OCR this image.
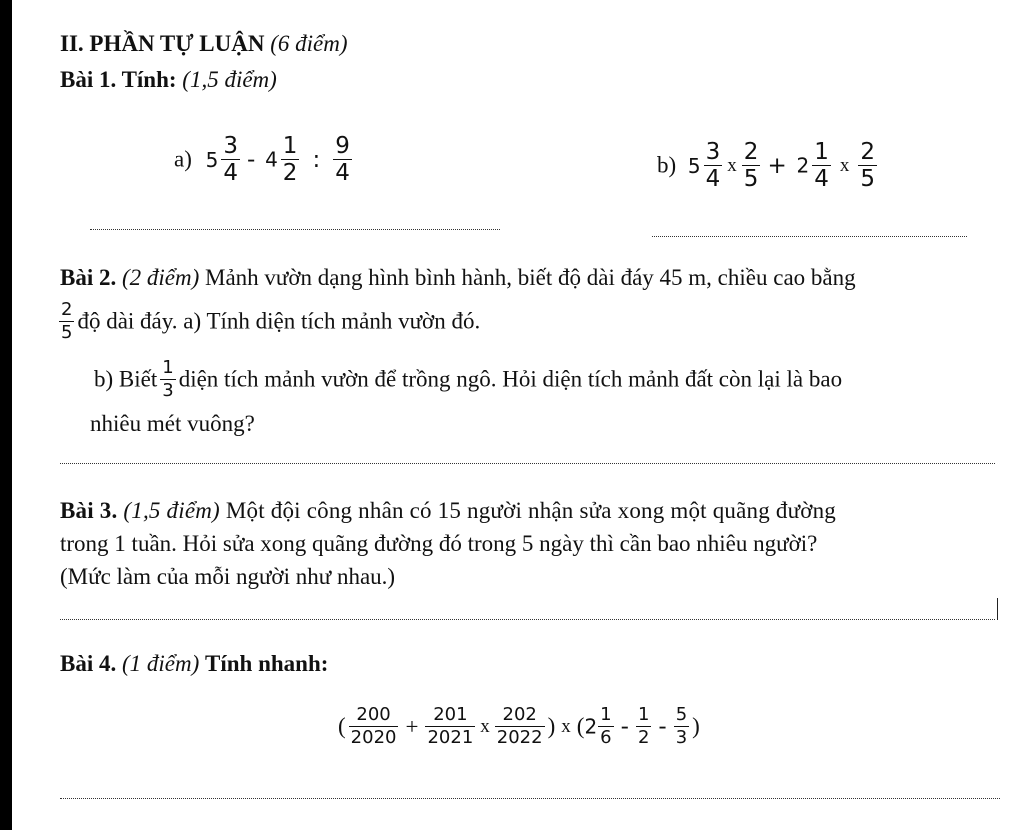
II. PHẦN TỰ LUẬN (6 điểm)
Bài 1. Tính: (1,5 điểm)
a) $5 \frac{3}{4} - 4 \frac{1}{2}$ : $\frac{9}{4}$	b) $5 \frac{3}{4}$ x $\frac{2}{5} + 2 \frac{1}{4}$ x $\frac{2}{5}$
Bài 2. (2 điểm) Mảnh vườn dạng hình bình hành, biết độ dài đáy 45 m, chiều cao bằng
$\frac{2}{5}$ độ dài đáy. a) Tính diện tích mảnh vườn đó.
b) Biết $\frac{1}{3}$ diện tích mảnh vườn để trồng ngô. Hỏi diện tích mảnh đất còn lại là bao
nhiêu mét vuông?
Bài 3. (1,5 điểm) Một đội công nhân có 15 người nhận sửa xong một quãng đường
trong 1 tuần. Hỏi sửa xong quãng đường đó trong 5 ngày thì cần bao nhiêu người?
(Mức làm của mỗi người như nhau.)
Bài 4. (1 điểm) Tính nhanh:
( $\frac{200}{2020} + \frac{201}{2021}$ x $\frac{202}{2022}$ ) x ($2 \frac{1}{6} - \frac{1}{2} - \frac{5}{3}$ )
